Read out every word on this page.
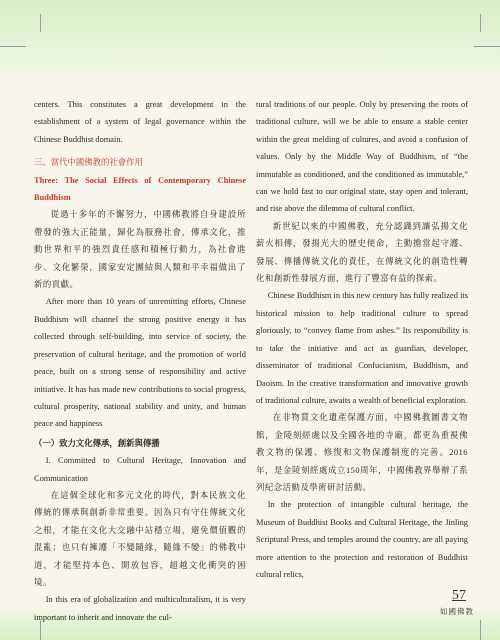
centers. This constitutes a great development in the establishment of a system of legal governance within the Chinese Buddhist domain.

三、當代中國佛教的社會作用

Three: The Social Effects of Contemporary Chinese Buddhism

從過十多年的不懈努力，中國佛教將自身建設所帶發的強大正能量，歸化為服務社會，傳承文化，推動世界和平的強烈責任感和積極行動力，為社會進步、文化繁榮，國家安定團結與人類和平幸福做出了新的貢獻。

After more than 10 years of unremitting efforts, Chinese Buddhism will channel the strong positive energy it has collected through self-building, into service of society, the preservation of cultural heritage, and the promotion of world peace, built on a strong sense of responsibility and active initiative. It has has made new contributions to social progress, cultural prosperity, national stability and unity, and human peace and happiness

（一）致力文化傳承，創新與傳播

I. Committed to Cultural Heritage, Innovation and Communication

在這個全球化和多元文化的時代，對本民族文化傳統的傳承與創新非常重要。因為只有守住傳統文化之根，才能在文化大交融中站穩立場，避免價值觀的混亂；也只有擁護「不變隨緣，隨緣不變」的佛教中道，才能堅持本色、開放包容，超越文化衝突的困境。

In this era of globalization and multiculturalism, it is very important to inherit and innovate the cul-

tural traditions of our people. Only by preserving the roots of traditional culture, will we be able to ensure a stable center within the great melding of cultures, and avoid a confusion of values. Only by the Middle Way of Buddhism, of “the immutable as conditioned, and the conditioned as immutable,” can we hold fast to our original state, stay open and tolerant, and rise above the dilemma of cultural conflict.

新世紀以來的中國佛教，充分認識到讓弘揚文化薪火相傳，發揚光大的歷史使命，主動擔當起守護、發展、傳播傳統文化的責任，在傳統文化的創造性轉化和創新性發展方面，進行了豐富有益的探索。

Chinese Buddhism in this new century has fully realized its historical mission to help traditional culture to spread gloriously, to “convey flame from ashes.” Its responsibility is to take the initiative and act as guardian, developer, disseminator of traditional Confucianism, Buddhism, and Daoism. In the creative transformation and innovative growth of traditional culture, awaits a wealth of beneficial exploration.

在非物質文化遺產保護方面，中國佛教圖書文物館，金陵刻經處以及全國各地的寺廟，都更為重視佛教文物的保護、修復和文物保護制度的完善。2016年，是金陵刻經處成立150周年，中國佛教界舉辦了系列紀念活動及學術研討活動。

In the protection of intangible cultural heritage, the Museum of Buddhist Books and Cultural Heritage, the Jinling Scriptural Press, and temples around the country, are all paying more attention to the protection and restoration of Buddhist cultural relics,

57
如國佛教
